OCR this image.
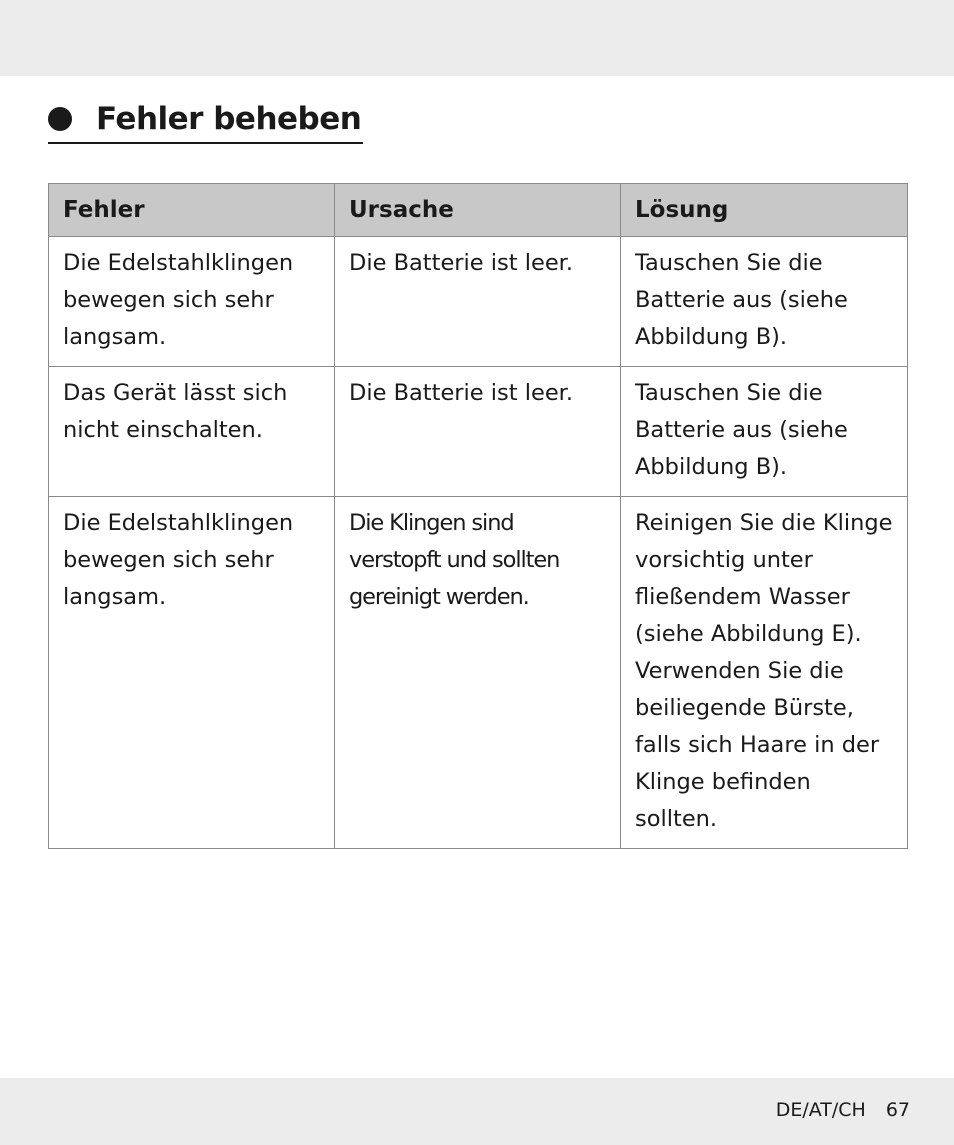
Fehler beheben
Fehler	Ursache	Lösung

Die Edelstahlklingen bewegen sich sehr langsam.	Die Batterie ist leer.	Tauschen Sie die Batterie aus (siehe Abbildung B).

Das Gerät lässt sich nicht einschalten.	Die Batterie ist leer.	Tauschen Sie die Batterie aus (siehe Abbildung B).

Die Edelstahlklingen bewegen sich sehr langsam.	Die Klingen sind verstopft und sollten gereinigt werden.	Reinigen Sie die Klinge vorsichtig unter fließendem Wasser (siehe Abbildung E). Verwenden Sie die beiliegende Bürste, falls sich Haare in der Klinge befinden sollten.
DE/AT/CH 67
